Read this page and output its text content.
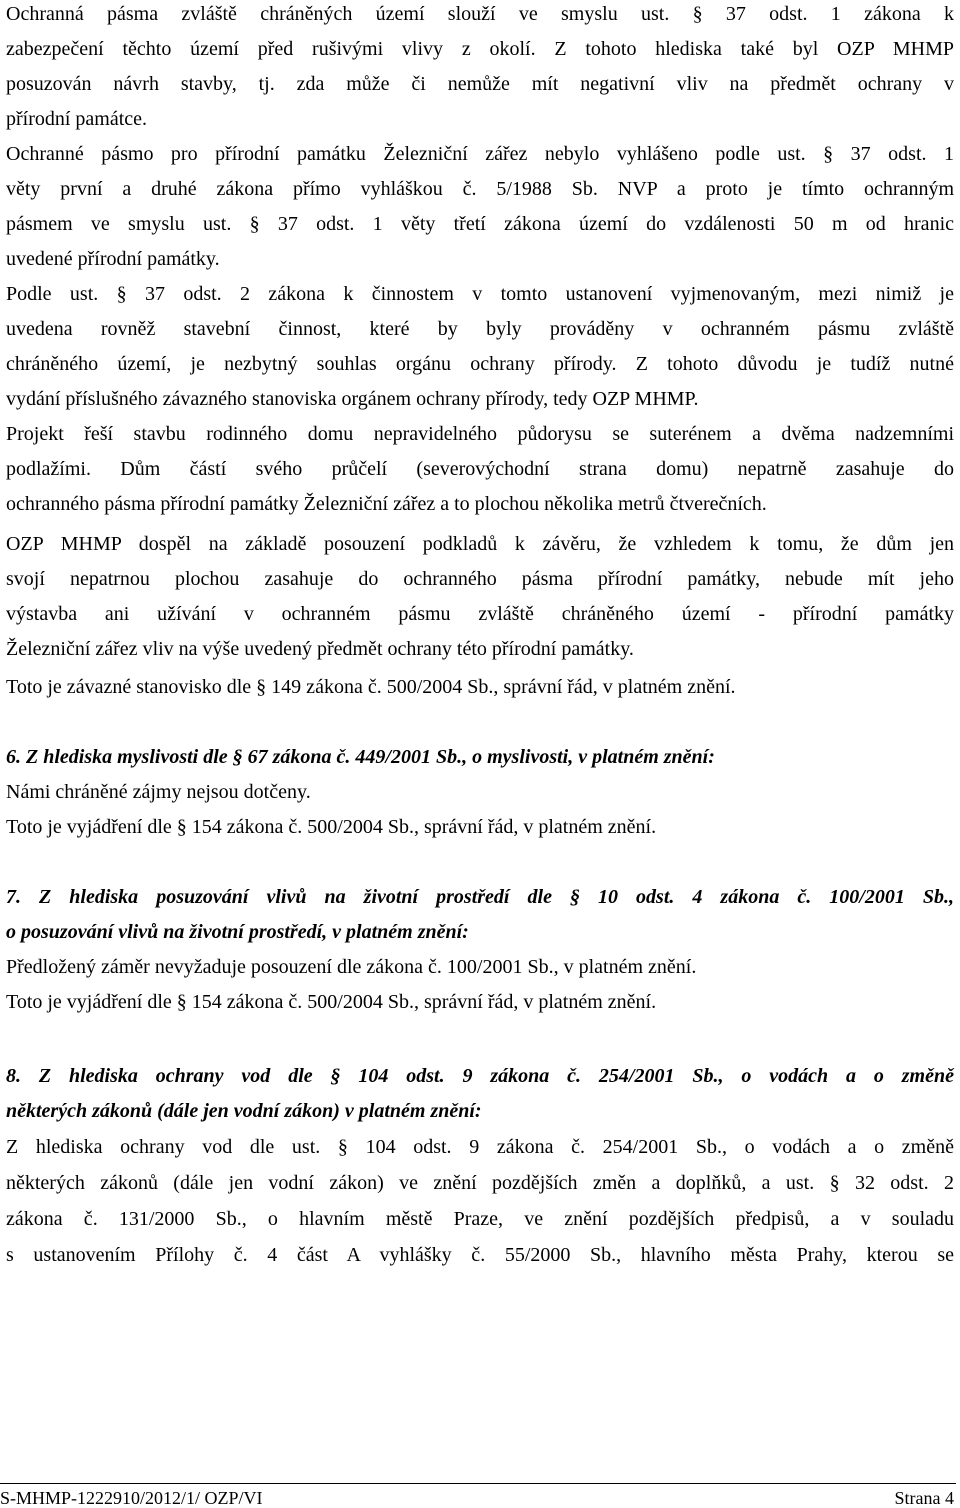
Ochranná pásma zvláště chráněných území slouží ve smyslu ust. § 37 odst. 1 zákona k
zabezpečení těchto území před rušivými vlivy z okolí. Z tohoto hlediska také byl OZP MHMP
posuzován návrh stavby, tj. zda může či nemůže mít negativní vliv na předmět ochrany v
přírodní památce.
Ochranné pásmo pro přírodní památku Železniční zářez nebylo vyhlášeno podle ust. § 37 odst. 1
věty první a druhé zákona přímo vyhláškou č. 5/1988 Sb. NVP a proto je tímto ochranným
pásmem ve smyslu ust. § 37 odst. 1 věty třetí zákona území do vzdálenosti 50 m od hranic
uvedené přírodní památky.
Podle ust. § 37 odst. 2 zákona k činnostem v tomto ustanovení vyjmenovaným, mezi nimiž je
uvedena rovněž stavební činnost, které by byly prováděny v ochranném pásmu zvláště
chráněného území, je nezbytný souhlas orgánu ochrany přírody. Z tohoto důvodu je tudíž nutné
vydání příslušného závazného stanoviska orgánem ochrany přírody, tedy OZP MHMP.
Projekt řeší stavbu rodinného domu nepravidelného půdorysu se suterénem a dvěma nadzemními
podlažími. Dům částí svého průčelí (severovýchodní strana domu) nepatrně zasahuje do
ochranného pásma přírodní památky Železniční zářez a to plochou několika metrů čtverečních.
OZP MHMP dospěl na základě posouzení podkladů k závěru, že vzhledem k tomu, že dům jen
svojí nepatrnou plochou zasahuje do ochranného pásma přírodní památky, nebude mít jeho
výstavba ani užívání v ochranném pásmu zvláště chráněného území - přírodní památky
Železniční zářez vliv na výše uvedený předmět ochrany této přírodní památky.
Toto je závazné stanovisko dle § 149 zákona č. 500/2004 Sb., správní řád, v platném znění.
6. Z hlediska myslivosti dle § 67 zákona č. 449/2001 Sb., o myslivosti, v platném znění:
Námi chráněné zájmy nejsou dotčeny.
Toto je vyjádření dle § 154 zákona č. 500/2004 Sb., správní řád, v platném znění.
7. Z hlediska posuzování vlivů na životní prostředí dle § 10 odst. 4 zákona č. 100/2001 Sb.,
o posuzování vlivů na životní prostředí, v platném znění:
Předložený záměr nevyžaduje posouzení dle zákona č. 100/2001 Sb., v platném znění.
Toto je vyjádření dle § 154 zákona č. 500/2004 Sb., správní řád, v platném znění.
8. Z hlediska ochrany vod dle § 104 odst. 9 zákona č. 254/2001 Sb., o vodách a o změně
některých zákonů (dále jen vodní zákon) v platném znění:
Z hlediska ochrany vod dle ust. § 104 odst. 9 zákona č. 254/2001 Sb., o vodách a o změně
některých zákonů (dále jen vodní zákon) ve znění pozdějších změn a doplňků, a ust. § 32 odst. 2
zákona č. 131/2000 Sb., o hlavním městě Praze, ve znění pozdějších předpisů, a v souladu
s ustanovením Přílohy č. 4 část A vyhlášky č. 55/2000 Sb., hlavního města Prahy, kterou se
S-MHMP-1222910/2012/1/ OZP/VI	Strana 4
